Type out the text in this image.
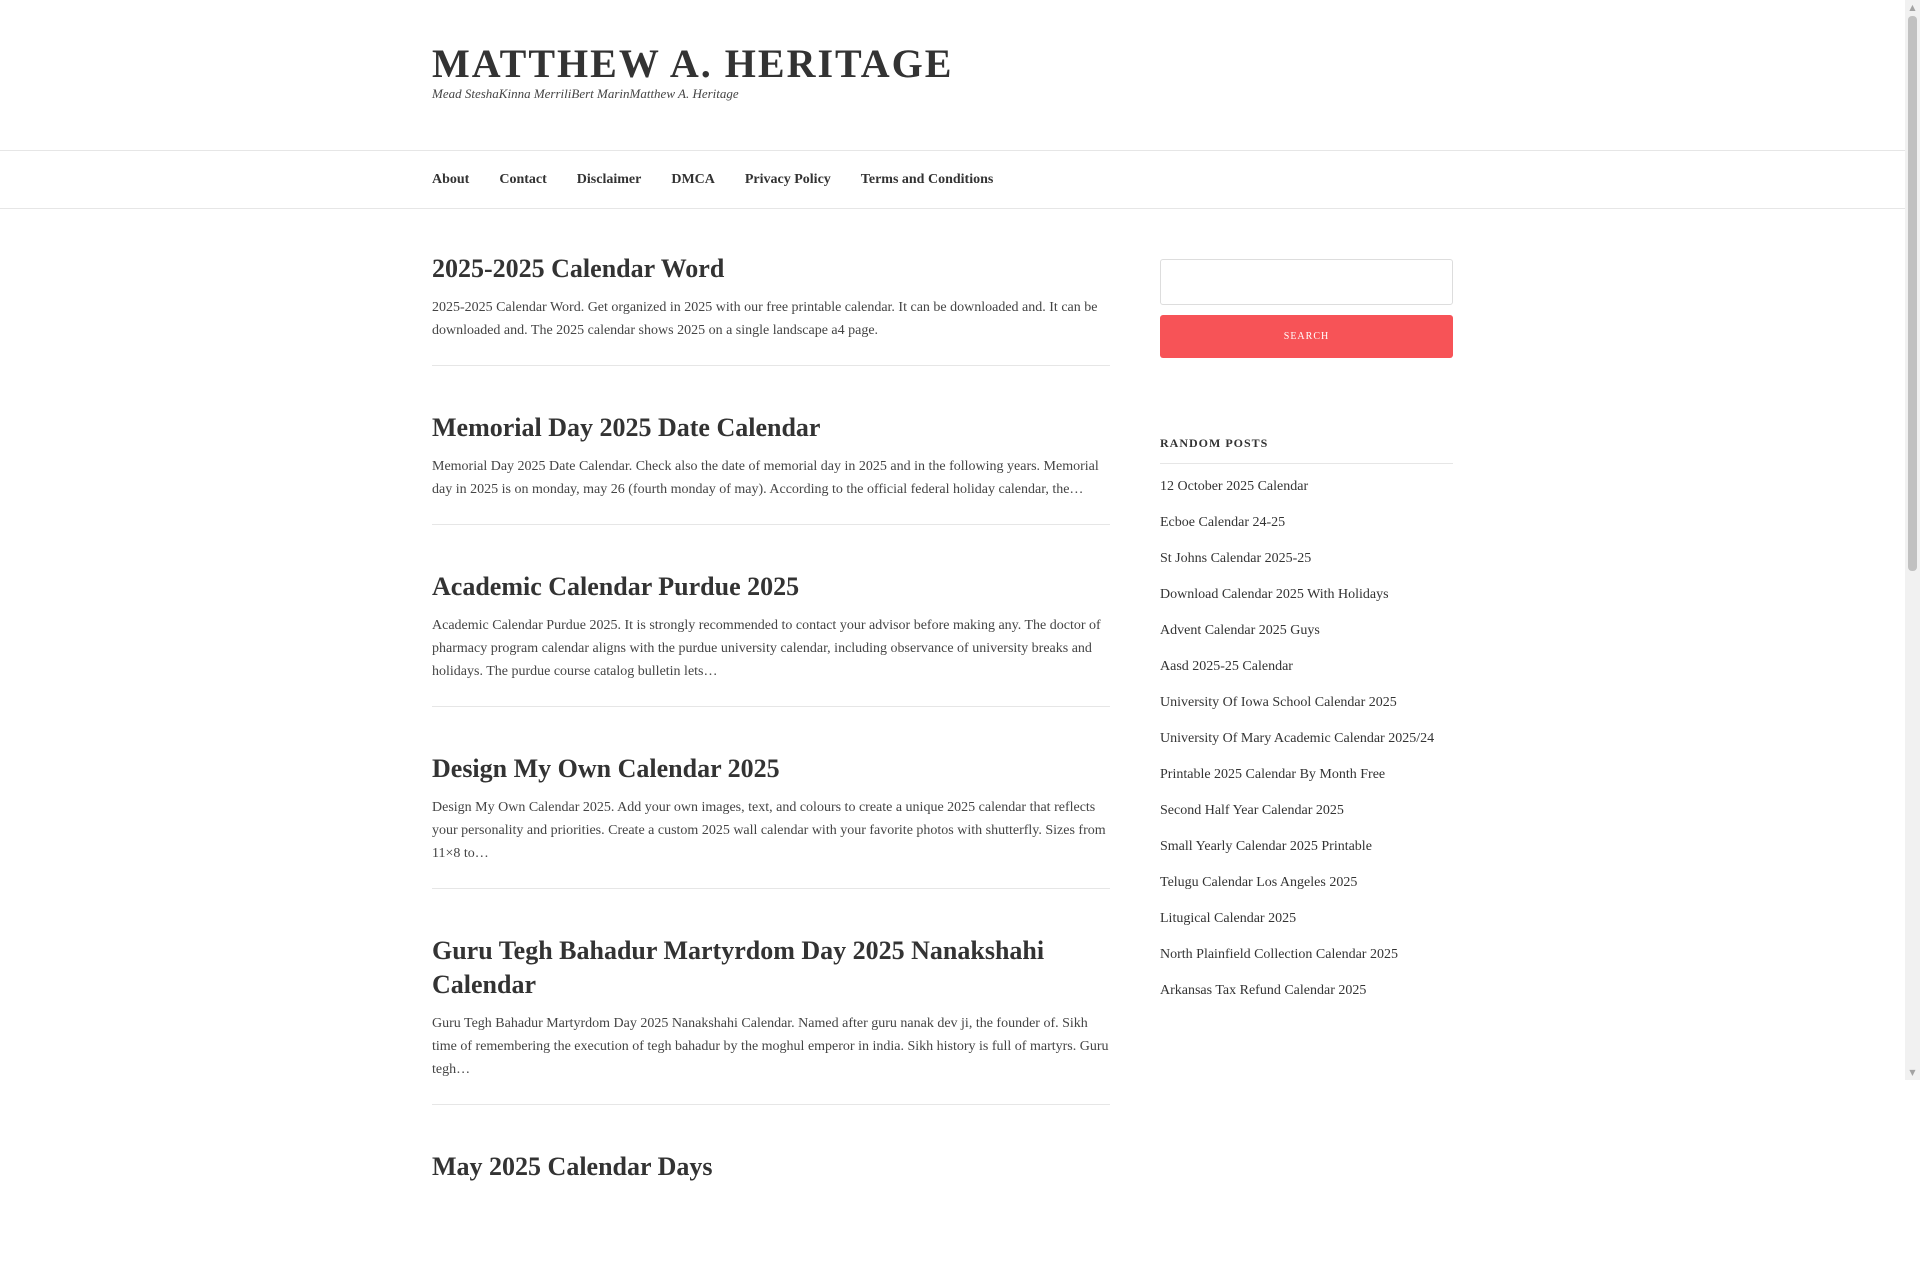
MATTHEW A. HERITAGE

Mead SteshaKinna MerriliBert MarinMatthew A. Heritage

About Contact Disclaimer DMCA Privacy Policy Terms and Conditions
2025-2025 Calendar Word

2025-2025 Calendar Word. Get organized in 2025 with our free printable calendar. It can be downloaded and. It can be downloaded and. The 2025 calendar shows 2025 on a single landscape a4 page.

Memorial Day 2025 Date Calendar

Memorial Day 2025 Date Calendar. Check also the date of memorial day in 2025 and in the following years. Memorial day in 2025 is on monday, may 26 (fourth monday of may). According to the official federal holiday calendar, the…

Academic Calendar Purdue 2025

Academic Calendar Purdue 2025. It is strongly recommended to contact your advisor before making any. The doctor of pharmacy program calendar aligns with the purdue university calendar, including observance of university breaks and holidays. The purdue course catalog bulletin lets…

Design My Own Calendar 2025

Design My Own Calendar 2025. Add your own images, text, and colours to create a unique 2025 calendar that reflects your personality and priorities. Create a custom 2025 wall calendar with your favorite photos with shutterfly. Sizes from 11×8 to…

Guru Tegh Bahadur Martyrdom Day 2025 Nanakshahi Calendar

Guru Tegh Bahadur Martyrdom Day 2025 Nanakshahi Calendar. Named after guru nanak dev ji, the founder of. Sikh time of remembering the execution of tegh bahadur by the moghul emperor in india. Sikh history is full of martyrs. Guru tegh…

May 2025 Calendar Days
SEARCH
RANDOM POSTS
12 October 2025 Calendar
Ecboe Calendar 24-25
St Johns Calendar 2025-25
Download Calendar 2025 With Holidays
Advent Calendar 2025 Guys
Aasd 2025-25 Calendar
University Of Iowa School Calendar 2025
University Of Mary Academic Calendar 2025/24
Printable 2025 Calendar By Month Free
Second Half Year Calendar 2025
Small Yearly Calendar 2025 Printable
Telugu Calendar Los Angeles 2025
Litugical Calendar 2025
North Plainfield Collection Calendar 2025
Arkansas Tax Refund Calendar 2025
▲
▼
